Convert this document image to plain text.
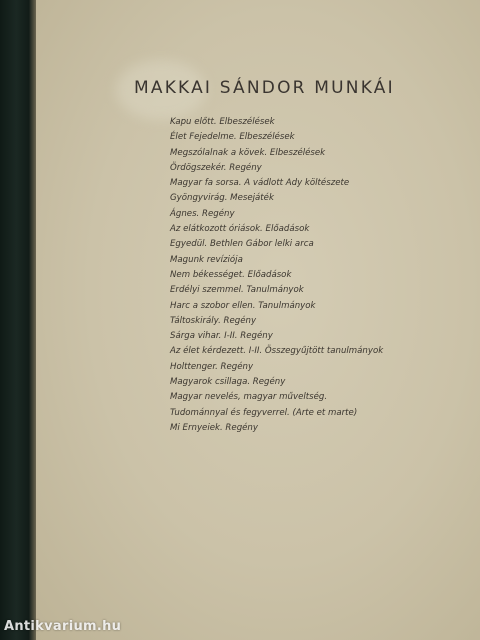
MAKKAI SÁNDOR MUNKÁI
Kapu előtt. Elbeszélések
Élet Fejedelme. Elbeszélések
Megszólalnak a kövek. Elbeszélések
Ördögszekér. Regény
Magyar fa sorsa. A vádlott Ady költészete
Gyöngyvirág. Mesejáték
Ágnes. Regény
Az elátkozott óriások. Előadások
Egyedül. Bethlen Gábor lelki arca
Magunk revíziója
Nem békességet. Előadások
Erdélyi szemmel. Tanulmányok
Harc a szobor ellen. Tanulmányok
Táltoskirály. Regény
Sárga vihar. I-II. Regény
Az élet kérdezett. I-II. Összegyűjtött tanulmányok
Holttenger. Regény
Magyarok csillaga. Regény
Magyar nevelés, magyar műveltség.
Tudománnyal és fegyverrel. (Arte et marte)
Mi Ernyeiek. Regény
Antikvarium.hu
